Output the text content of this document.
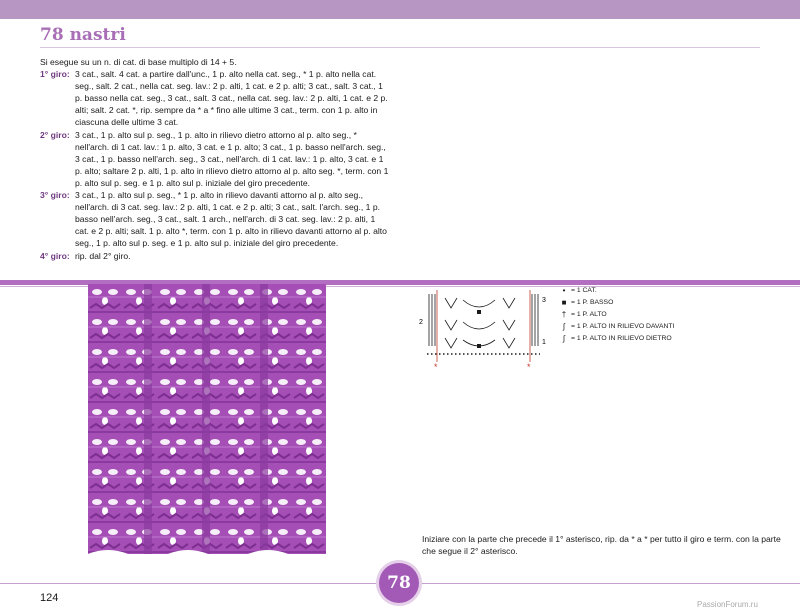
78 nastri

Si esegue su un n. di cat. di base multiplo di 14 + 5.

1° giro: 3 cat., salt. 4 cat. a partire dall'unc., 1 p. alto nella cat. seg., * 1 p. alto nella cat. seg., salt. 2 cat., nella cat. seg. lav.: 2 p. alti, 1 cat. e 2 p. alti; 3 cat., salt. 3 cat., 1 p. basso nella cat. seg., 3 cat., salt. 3 cat., nella cat. seg. lav.: 2 p. alti, 1 cat. e 2 p. alti; salt. 2 cat. *, rip. sempre da * a * fino alle ultime 3 cat., term. con 1 p. alto in ciascuna delle ultime 3 cat.
2° giro: 3 cat., 1 p. alto sul p. seg., 1 p. alto in rilievo dietro attorno al p. alto seg., * nell'arch. di 1 cat. lav.: 1 p. alto, 3 cat. e 1 p. alto; 3 cat., 1 p. basso nell'arch. seg., 3 cat., 1 p. basso nell'arch. seg., 3 cat., nell'arch. di 1 cat. lav.: 1 p. alto, 3 cat. e 1 p. alto; saltare 2 p. alti, 1 p. alto in rilievo dietro attorno al p. alto seg. *, term. con 1 p. alto sul p. seg. e 1 p. alto sul p. iniziale del giro precedente.
3° giro: 3 cat., 1 p. alto sul p. seg., * 1 p. alto in rilievo davanti attorno al p. alto seg., nell'arch. di 3 cat. seg. lav.: 2 p. alti, 1 cat. e 2 p. alti; 3 cat., salt. l'arch. seg., 1 p. basso nell'arch. seg., 3 cat., salt. 1 arch., nell'arch. di 3 cat. seg. lav.: 2 p. alti, 1 cat. e 2 p. alti; salt. 1 p. alto *, term. con 1 p. alto in rilievo davanti attorno al p. alto seg., 1 p. alto sul p. seg. e 1 p. alto sul p. iniziale del giro precedente.
4° giro: rip. dal 2° giro.
3
2
1
*	*
• = 1 CAT.
■ = 1 P. BASSO
† = 1 P. ALTO
∫ = 1 P. ALTO IN RILIEVO DAVANTI
∫ = 1 P. ALTO IN RILIEVO DIETRO
Iniziare con la parte che precede il 1° asterisco, rip. da * a * per tutto il giro e term. con la parte che segue il 2° asterisco.
124
78
PassionForum.ru
